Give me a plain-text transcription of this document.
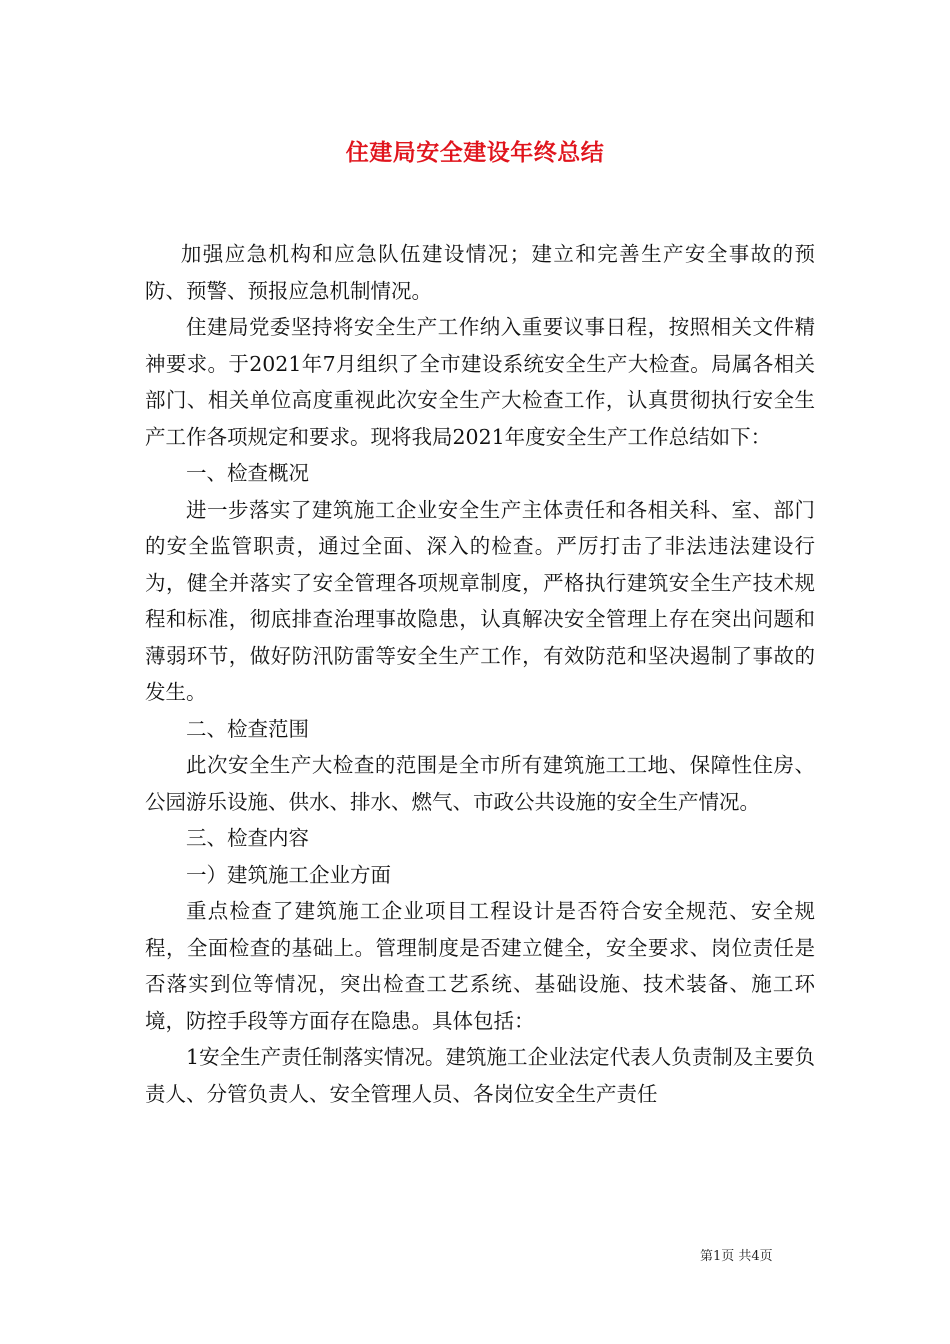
住建局安全建设年终总结

加强应急机构和应急队伍建设情况；建立和完善生产安全事故的预防、预警、预报应急机制情况。

住建局党委坚持将安全生产工作纳入重要议事日程，按照相关文件精神要求。于2021年7月组织了全市建设系统安全生产大检查。局属各相关部门、相关单位高度重视此次安全生产大检查工作，认真贯彻执行安全生产工作各项规定和要求。现将我局2021年度安全生产工作总结如下：

一、检查概况

进一步落实了建筑施工企业安全生产主体责任和各相关科、室、部门的安全监管职责，通过全面、深入的检查。严厉打击了非法违法建设行为，健全并落实了安全管理各项规章制度，严格执行建筑安全生产技术规程和标准，彻底排查治理事故隐患，认真解决安全管理上存在突出问题和薄弱环节，做好防汛防雷等安全生产工作，有效防范和坚决遏制了事故的发生。

二、检查范围

此次安全生产大检查的范围是全市所有建筑施工工地、保障性住房、公园游乐设施、供水、排水、燃气、市政公共设施的安全生产情况。

三、检查内容

一）建筑施工企业方面

重点检查了建筑施工企业项目工程设计是否符合安全规范、安全规程，全面检查的基础上。管理制度是否建立健全，安全要求、岗位责任是否落实到位等情况，突出检查工艺系统、基础设施、技术装备、施工环境，防控手段等方面存在隐患。具体包括：

1安全生产责任制落实情况。建筑施工企业法定代表人负责制及主要负责人、分管负责人、安全管理人员、各岗位安全生产责任

第1页 共4页
